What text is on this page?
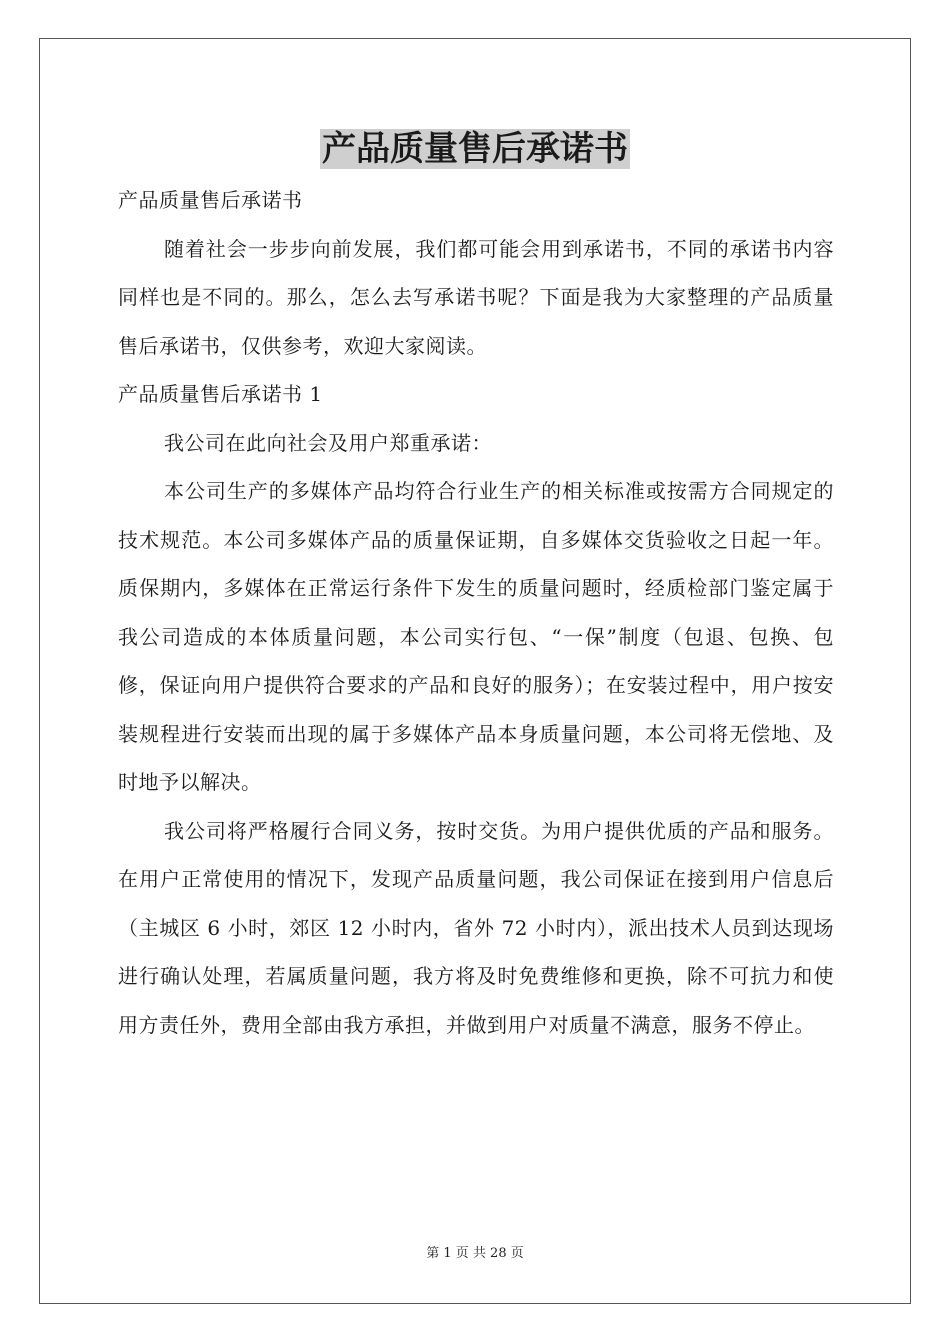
产品质量售后承诺书

产品质量售后承诺书

随着社会一步步向前发展，我们都可能会用到承诺书，不同的承诺书内容同样也是不同的。那么，怎么去写承诺书呢？下面是我为大家整理的产品质量售后承诺书，仅供参考，欢迎大家阅读。

产品质量售后承诺书 1

我公司在此向社会及用户郑重承诺：

本公司生产的多媒体产品均符合行业生产的相关标准或按需方合同规定的技术规范。本公司多媒体产品的质量保证期，自多媒体交货验收之日起一年。质保期内，多媒体在正常运行条件下发生的质量问题时，经质检部门鉴定属于我公司造成的本体质量问题，本公司实行包、“一保”制度（包退、包换、包修，保证向用户提供符合要求的产品和良好的服务）；在安装过程中，用户按安装规程进行安装而出现的属于多媒体产品本身质量问题，本公司将无偿地、及时地予以解决。

我公司将严格履行合同义务，按时交货。为用户提供优质的产品和服务。在用户正常使用的情况下，发现产品质量问题，我公司保证在接到用户信息后（主城区 6 小时，郊区 12 小时内，省外 72 小时内），派出技术人员到达现场进行确认处理，若属质量问题，我方将及时免费维修和更换，除不可抗力和使用方责任外，费用全部由我方承担，并做到用户对质量不满意，服务不停止。

第 1 页 共 28 页
